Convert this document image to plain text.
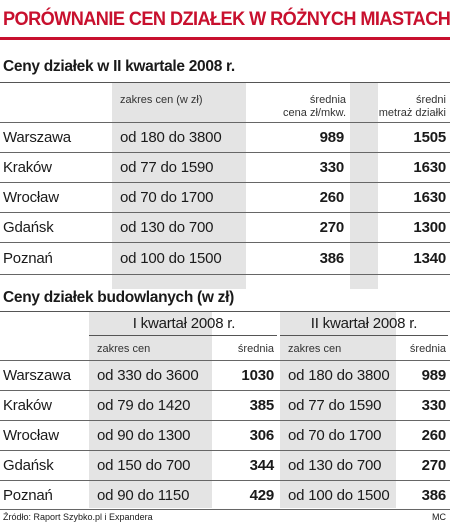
PORÓWNANIE CEN DZIAŁEK W RÓŻNYCH MIASTACH
Ceny działek w II kwartale 2008 r.
zakres cen (w zł)	średnia
cena zł/mkw.
średni
metraż działki
Warszawa	od 180 do 3800	989	1505
Kraków	od 77 do 1590	330	1630
Wrocław	od 70 do 1700	260	1630
Gdańsk	od 130 do 700	270	1300
Poznań	od 100 do 1500	386	1340
Ceny działek budowlanych (w zł)
I kwartał 2008 r.	II kwartał 2008 r.
zakres cen	średnia zakres cen	średnia
Warszawa od 330 do 3600	1030 od 180 do 3800	989
Kraków	od 79 do 1420	385 od 77 do 1590	330
Wrocław	od 90 do 1300	306 od 70 do 1700	260
Gdańsk	od 150 do 700	344 od 130 do 700	270
Poznań	od 90 do 1150	429 od 100 do 1500	386
Źródło: Raport Szybko.pl i Expandera	MC
